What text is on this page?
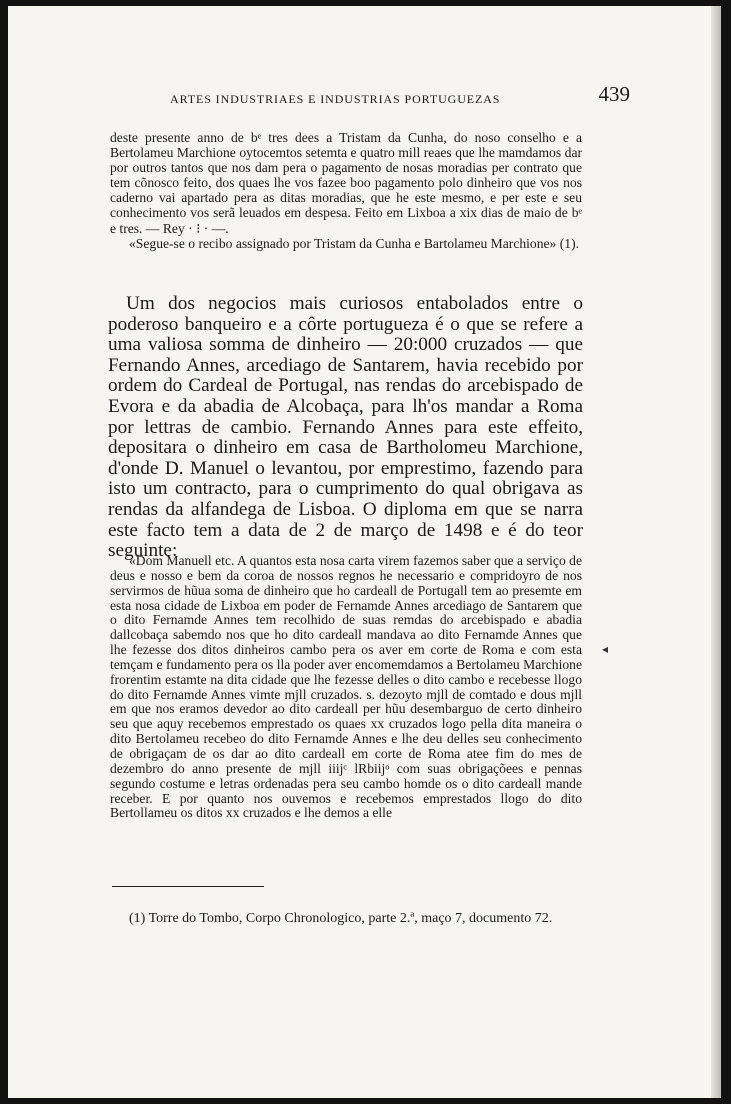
ARTES INDUSTRIAES E INDUSTRIAS PORTUGUEZAS	439

deste presente anno de bᵉ tres dees a Tristam da Cunha, do noso conselho e a Bertolameu Marchione oytocemtos setemta e quatro mill reaes que lhe mamdamos dar por outros tantos que nos dam pera o pagamento de nosas moradias per contrato que tem cõnosco feito, dos quaes lhe vos fazee boo pagamento polo dinheiro que vos nos caderno vai apartado pera as ditas moradias, que he este mesmo, e per este e seu conhecimento vos serã leuados em despesa. Feito em Lixboa a xix dias de maio de bᵉ e tres. — Rey · ⁝ · —.

«Segue-se o recibo assignado por Tristam da Cunha e Bartolameu Marchione» (1).

Um dos negocios mais curiosos entabolados entre o poderoso banqueiro e a côrte portugueza é o que se refere a uma valiosa somma de dinheiro — 20:000 cruzados — que Fernando Annes, arcediago de Santarem, havia recebido por ordem do Cardeal de Portugal, nas rendas do arcebispado de Evora e da abadia de Alcobaça, para lh'os mandar a Roma por lettras de cambio. Fernando Annes para este effeito, depositara o dinheiro em casa de Bartholomeu Marchione, d'onde D. Manuel o levantou, por emprestimo, fazendo para isto um contracto, para o cumprimento do qual obrigava as rendas da alfandega de Lisboa. O diploma em que se narra este facto tem a data de 2 de março de 1498 e é do teor seguinte:

«Dom Manuell etc. A quantos esta nosa carta virem fazemos saber que a serviço de deus e nosso e bem da coroa de nossos regnos he necessario e compridoyro de nos servirmos de hũua soma de dinheiro que ho cardeall de Portugall tem ao presemte em esta nosa cidade de Lixboa em poder de Fernamde Annes arcediago de Santarem que o dito Fernamde Annes tem recolhido de suas remdas do arcebispado e abadia dallcobaça sabemdo nos que ho dito cardeall mandava ao dito Fernamde Annes que lhe fezesse dos ditos dinheiros cambo pera os aver em corte de Roma e com esta temçam e fundamento pera os lla poder aver encomemdamos a Bertolameu Marchione frorentim estamte na dita cidade que lhe fezesse delles o dito cambo e recebesse llogo do dito Fernamde Annes vimte mjll cruzados. s. dezoyto mjll de comtado e dous mjll em que nos eramos devedor ao dito cardeall per hũu desembarguo de certo dinheiro seu que aquy recebemos emprestado os quaes xx cruzados logo pella dita maneira o dito Bertolameu recebeo do dito Fernamde Annes e lhe deu delles seu conhecimento de obrigaçam de os dar ao dito cardeall em corte de Roma atee fim do mes de dezembro do anno presente de mjll iiijᶜ lRbiijᵒ com suas obrigaçõees e pennas segundo costume e letras ordenadas pera seu cambo homde os o dito cardeall mande receber. E por quanto nos ouvemos e recebemos emprestados llogo do dito Bertollameu os ditos xx cruzados e lhe demos a elle

(1) Torre do Tombo, Corpo Chronologico, parte 2.ª, maço 7, documento 72.

◂
